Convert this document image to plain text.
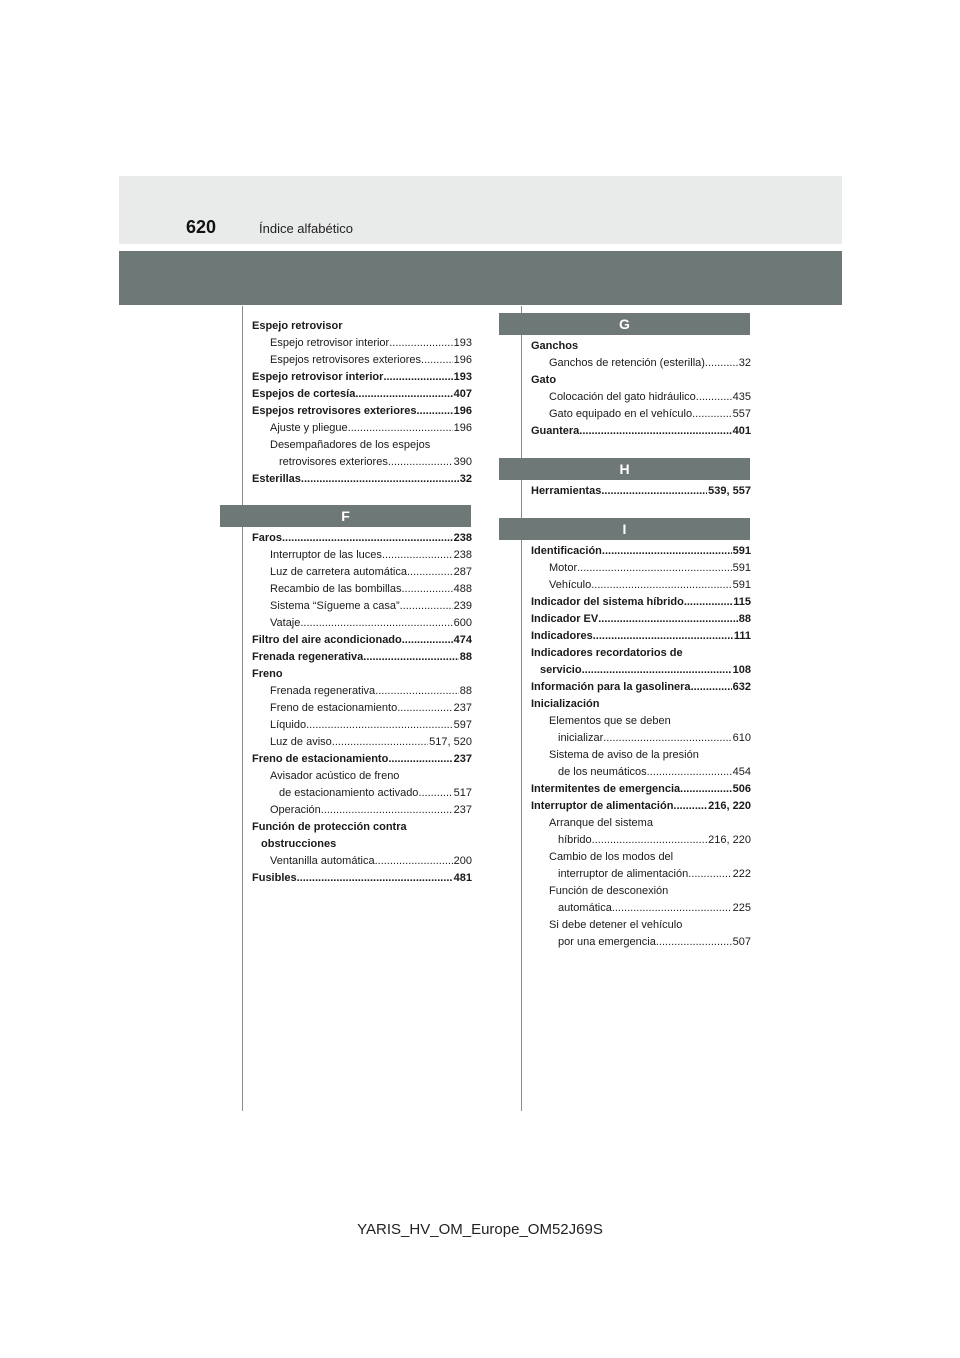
620	Índice alfabético
Espejo retrovisor
Espejo retrovisor interior .....	193
Espejos retrovisores exteriores .....	196
Espejo retrovisor interior .....	193
Espejos de cortesía .....	407
Espejos retrovisores exteriores .....	196
Ajuste y pliegue .....	196
Desempañadores de los espejos
retrovisores exteriores .....	390
Esterillas .....	32
F
Faros .....	238
Interruptor de las luces .....	238
Luz de carretera automática .....	287
Recambio de las bombillas .....	488
Sistema “Sígueme a casa” .....	239
Vataje .....	600
Filtro del aire acondicionado .....	474
Frenada regenerativa .....	88
Freno
Frenada regenerativa .....	88
Freno de estacionamiento .....	237
Líquido .....	597
Luz de aviso .....	517, 520
Freno de estacionamiento .....	237
Avisador acústico de freno
de estacionamiento activado .....	517
Operación .....	237
Función de protección contra
obstrucciones
Ventanilla automática .....	200
Fusibles .....	481
G
Ganchos
Ganchos de retención (esterilla) .....	32
Gato
Colocación del gato hidráulico .....	435
Gato equipado en el vehículo .....	557
Guantera .....	401
H
Herramientas .....	539, 557
I
Identificación .....	591
Motor .....	591
Vehículo .....	591
Indicador del sistema híbrido .....	115
Indicador EV .....	88
Indicadores .....	111
Indicadores recordatorios de
servicio .....	108
Información para la gasolinera .....	632
Inicialización
Elementos que se deben
inicializar .....	610
Sistema de aviso de la presión
de los neumáticos .....	454
Intermitentes de emergencia .....	506
Interruptor de alimentación .....	216, 220
Arranque del sistema
híbrido .....	216, 220
Cambio de los modos del
interruptor de alimentación .....	222
Función de desconexión
automática .....	225
Si debe detener el vehículo
por una emergencia .....	507
YARIS_HV_OM_Europe_OM52J69S
